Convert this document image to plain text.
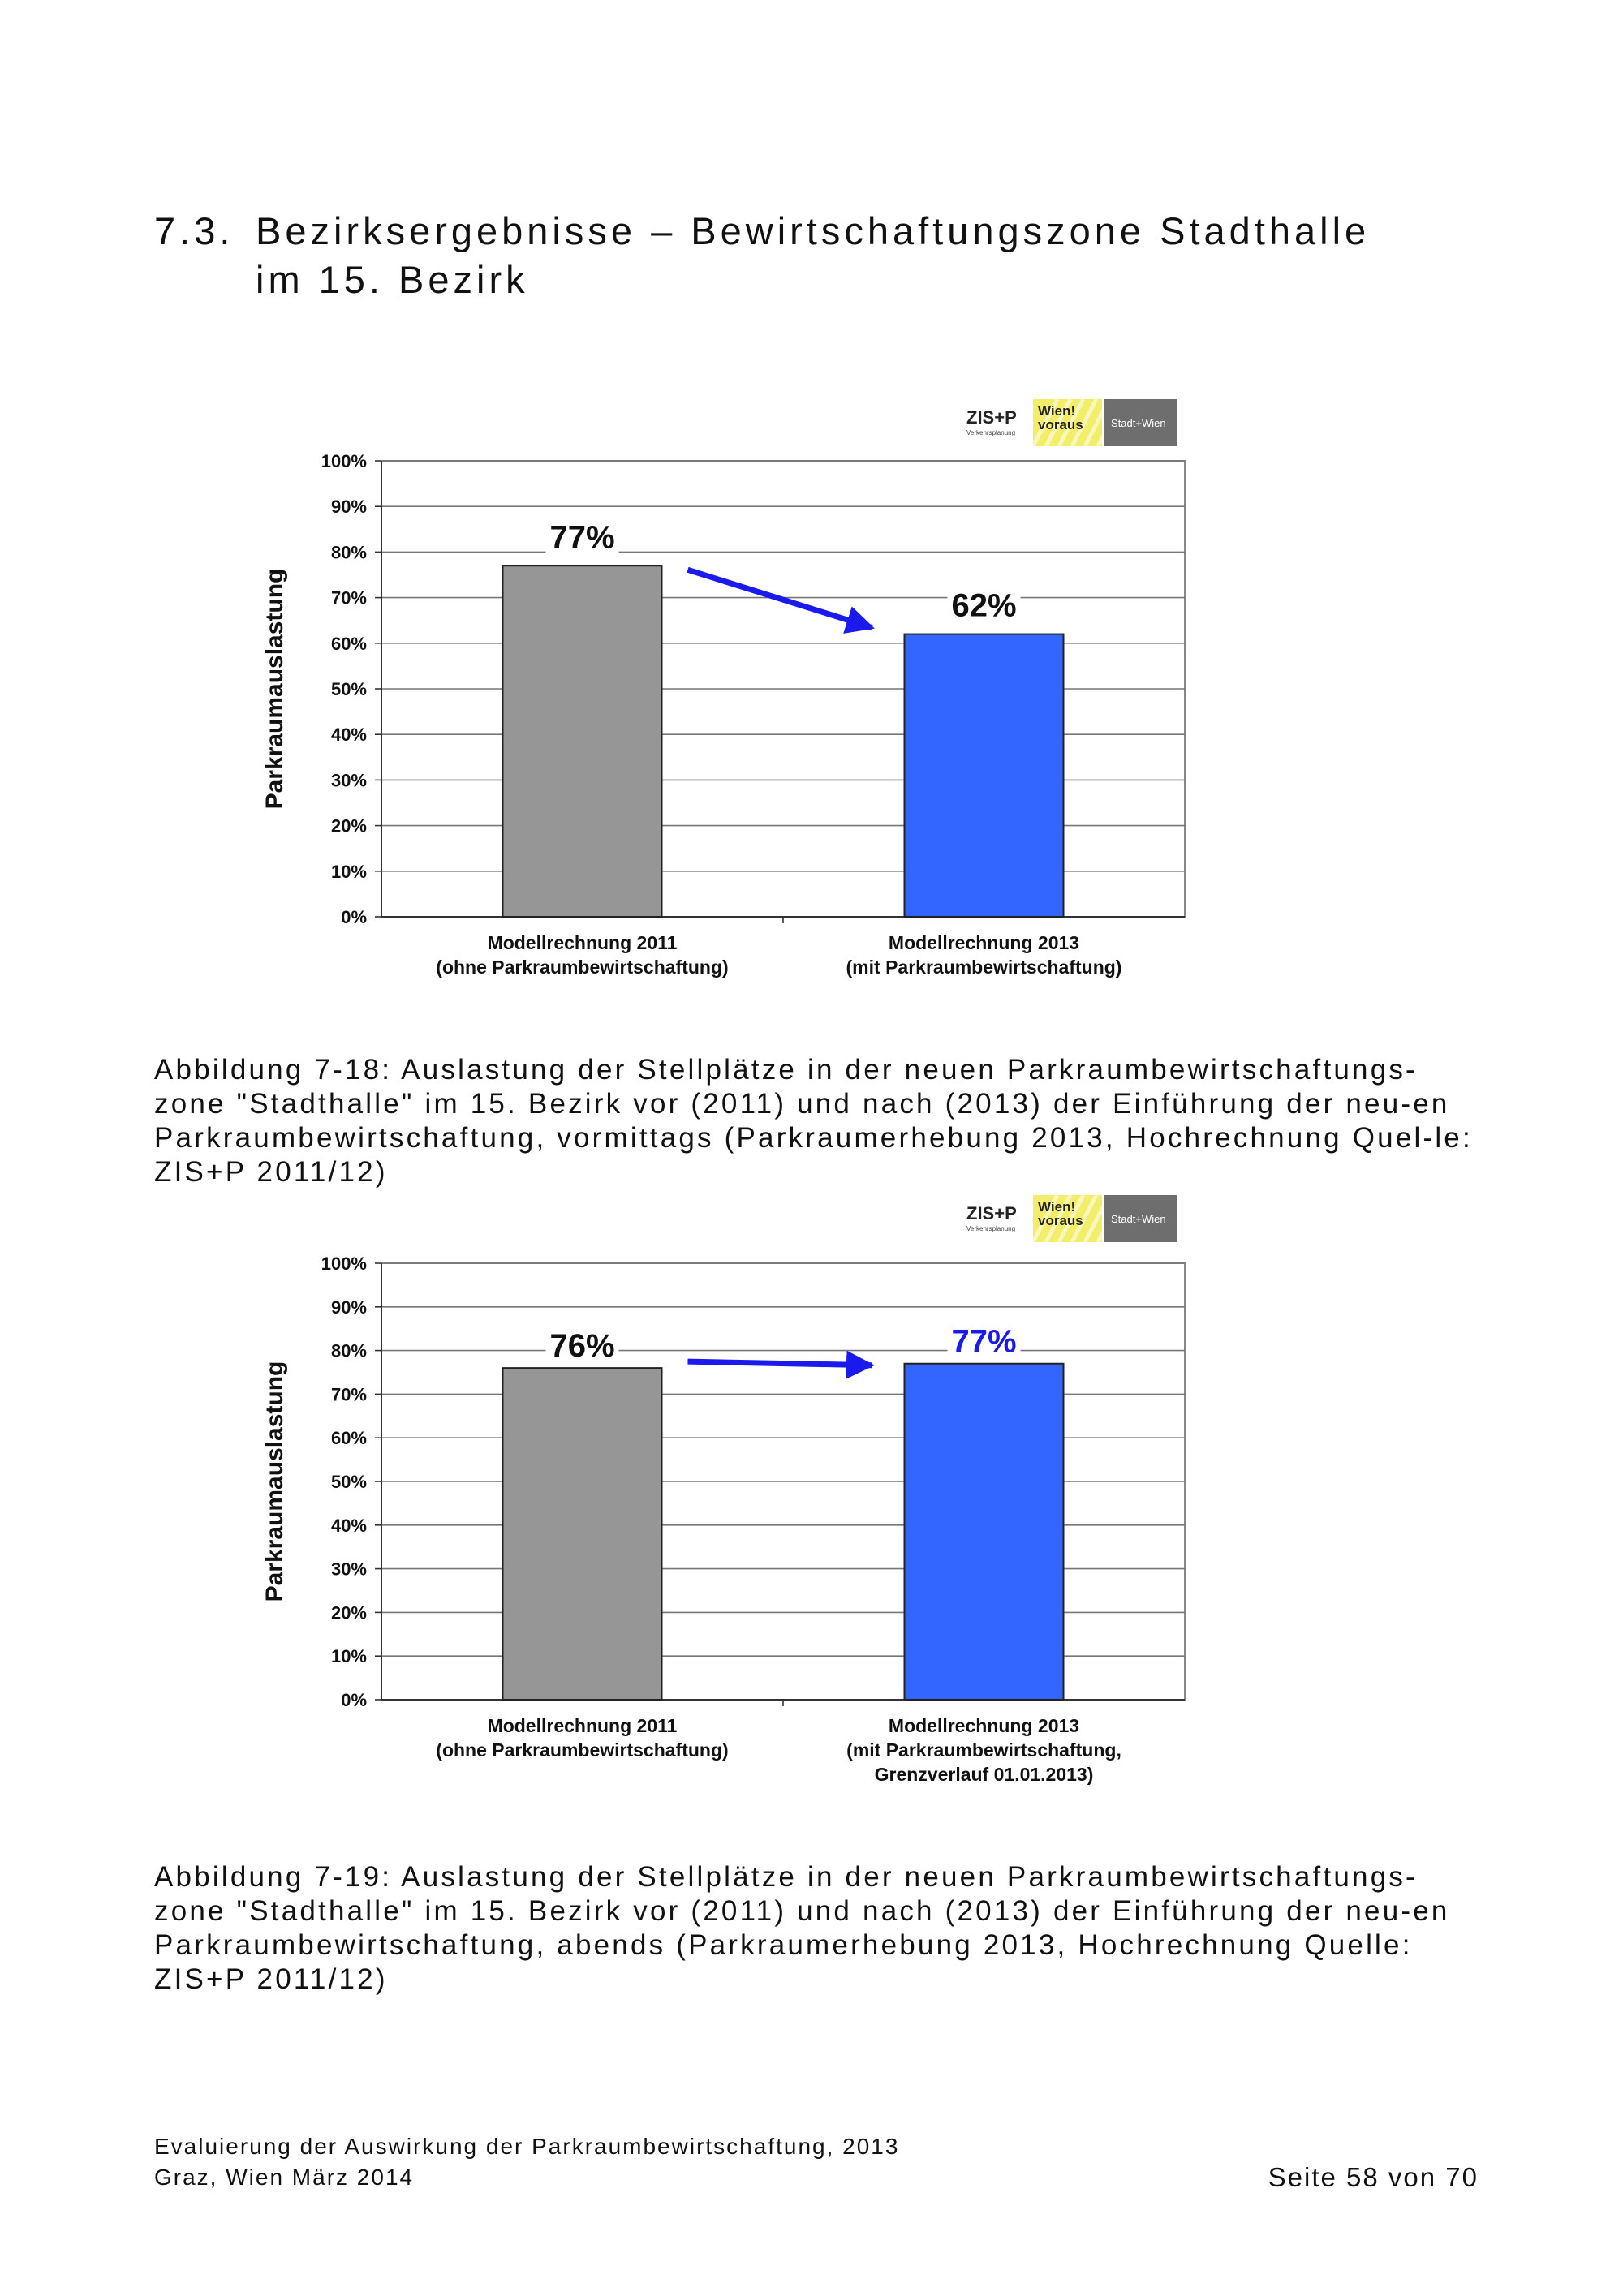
7.3. Bezirksergebnisse – Bewirtschaftungszone Stadthalle
im 15. Bezirk
ZIS+P
Verkehrsplanung
Wien!
voraus	Stadt+Wien
0%
10%
20%
30%
40%
50%
60%
70%
80%
90%
100%
Parkraumauslastung
Modellrechnung 2011
(ohne Parkraumbewirtschaftung)
Modellrechnung 2013
(mit Parkraumbewirtschaftung)
77%
62%
Abbildung 7-18: Auslastung der Stellplätze in der neuen Parkraumbewirtschaftungs-zone "Stadthalle" im 15. Bezirk vor (2011) und nach (2013) der Einführung der neu-en Parkraumbewirtschaftung, vormittags (Parkraumerhebung 2013, Hochrechnung Quel-le: ZIS+P 2011/12)
ZIS+P
Verkehrsplanung
Wien!
voraus	Stadt+Wien
0%
10%
20%
30%
40%
50%
60%
70%
80%
90%
100%
Parkraumauslastung
Modellrechnung 2011
(ohne Parkraumbewirtschaftung)
Modellrechnung 2013
(mit Parkraumbewirtschaftung,
Grenzverlauf 01.01.2013)
76%	77%
Abbildung 7-19: Auslastung der Stellplätze in der neuen Parkraumbewirtschaftungs-zone "Stadthalle" im 15. Bezirk vor (2011) und nach (2013) der Einführung der neu-en Parkraumbewirtschaftung, abends (Parkraumerhebung 2013, Hochrechnung Quelle: ZIS+P 2011/12)
Evaluierung der Auswirkung der Parkraumbewirtschaftung, 2013
Graz, Wien März 2014	Seite 58 von 70
